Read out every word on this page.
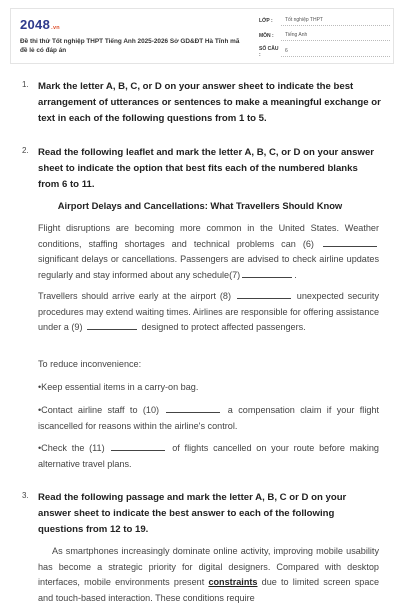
2048.vn
Đề thi thử Tốt nghiệp THPT Tiếng Anh 2025-2026 Sở GD&ĐT Hà Tĩnh mã đề lẻ có đáp án
LỚP :	Tốt nghiệp THPT
MÔN :	Tiếng Anh
SỐ CÂU :
6
1. Mark the letter A, B, C, or D on your answer sheet to indicate the best arrangement of utterances or sentences to make a meaningful exchange or text in each of the following questions from 1 to 5.
2. Read the following leaflet and mark the letter A, B, C, or D on your answer sheet to indicate the option that best fits each of the numbered blanks from 6 to 11.
Airport Delays and Cancellations: What Travellers Should Know
Flight disruptions are becoming more common in the United States. Weather conditions, staffing shortages and technical problems can (6)  significant delays or cancellations. Passengers are advised to check airline updates regularly and stay informed about any schedule(7)	.
Travellers should arrive early at the airport (8)	unexpected security procedures may extend waiting times. Airlines are responsible for offering assistance under a (9)	designed to protect affected passengers.
To reduce inconvenience:
•Keep essential items in a carry-on bag.
•Contact airline staff to (10)	a compensation claim if your flight iscancelled for reasons within the airline's control.
•Check the (11)	of flights cancelled on your route before making alternative travel plans.
3. Read the following passage and mark the letter A, B, C or D on your answer sheet to indicate the best answer to each of the following questions from 12 to 19.
As smartphones increasingly dominate online activity, improving mobile usability has become a strategic priority for digital designers. Compared with desktop interfaces, mobile environments present constraints due to limited screen space and touch-based interaction. These conditions require
